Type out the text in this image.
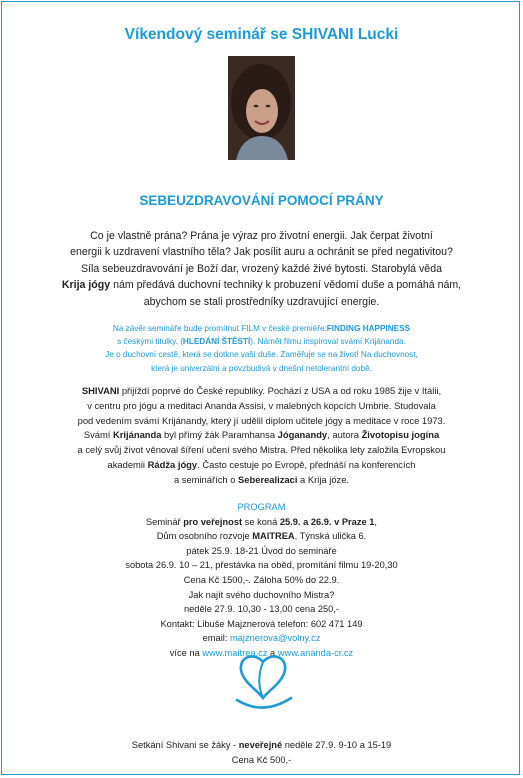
Víkendový seminář se SHIVANI Lucki
SEBEUZDRAVOVÁNÍ POMOCÍ PRÁNY
Co je vlastně prána? Prána je výraz pro životní energii. Jak čerpat životní
energii k uzdravení vlastního těla? Jak posílit auru a ochránit se před negativitou?
Síla sebeuzdravování je Boží dar, vrozený každé živé bytosti. Starobylá věda
Krija jógy nám předává duchovní techniky k probuzení vědomí duše a pomáhá nám,
abychom se stali prostředníky uzdravující energie.
Na závěr semináře bude promítnut FILM v české premiéře:FINDING HAPPINESS
s českými titulky. (HLEDÁNÍ ŠTĚSTÍ). Námět filmu inspiroval svámí Krijánanda.
Je o duchovní cestě, která se dotkne vaší duše. Zaměřuje se na život! Na duchovnost,
která je univerzální a povzbudivá v dnešní netolerantní době.
SHIVANI přijíždí poprvé do České republiky. Pochází z USA a od roku 1985 žije v Itálii,
v centru pro jógu a meditaci Ananda Assisi, v malebných kopcích Umbrie. Studovala
pod vedením svámí Krijánandy, který jí udělil diplom učitele jógy a meditace v roce 1973.
Svámí Krijánanda byl přímý žák Paramhansa Jóganandy, autora Životopisu jogína
a celý svůj život věnoval šíření učení svého Mistra. Před několika lety založila Evropskou
akademii Rádža jógy. Často cestuje po Evropě, přednáší na konferencích
a seminářích o Seberealizaci a Krija józe.
PROGRAM
Seminář pro veřejnost se koná 25.9. a 26.9. v Praze 1,
Dům osobního rozvoje MAITREA, Týnská ulička 6.
pátek 25.9. 18-21 Úvod do semináře
sobota 26.9. 10 – 21, přestávka na oběd, promítání filmu 19-20,30
Cena Kč 1500,-. Záloha 50% do 22.9.
Jak najít svého duchovního Mistra?
neděle 27.9. 10,30 - 13,00 cena 250,-
Kontakt: Libuše Majznerová telefon: 602 471 149
email: majznerova@volny.cz
více na www.maitrea.cz a www.ananda-cr.cz
Setkání Shivani se žáky - neveřejné neděle 27.9. 9-10 a 15-19
Cena Kč 500,-
